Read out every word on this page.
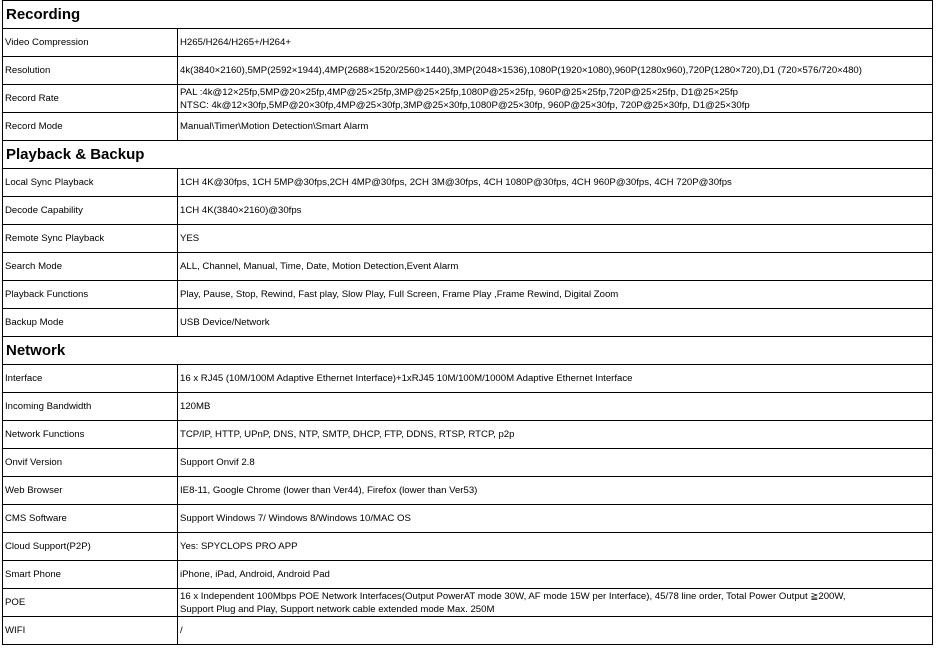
Recording	
Video Compression	H265/H264/H265+/H264+

Resolution	4k(3840×2160),5MP(2592×1944),4MP(2688×1520/2560×1440),3MP(2048×1536),1080P(1920×1080),960P(1280x960),720P(1280×720),D1 (720×576/720×480)

Record Rate	PAL :4k@12×25fp,5MP@20×25fp,4MP@25×25fp,3MP@25×25fp,1080P@25×25fp, 960P@25×25fp,720P@25×25fp, D1@25×25fp
NTSC: 4k@12×30fp,5MP@20×30fp,4MP@25×30fp,3MP@25×30fp,1080P@25×30fp, 960P@25×30fp, 720P@25×30fp, D1@25×30fp

Record Mode	Manual\Timer\Motion Detection\Smart Alarm

Playback & Backup	
Local Sync Playback	1CH 4K@30fps, 1CH 5MP@30fps,2CH 4MP@30fps, 2CH 3M@30fps, 4CH 1080P@30fps, 4CH 960P@30fps, 4CH 720P@30fps

Decode Capability	1CH 4K(3840×2160)@30fps

Remote Sync Playback	YES

Search Mode	ALL, Channel, Manual, Time, Date, Motion Detection,Event Alarm

Playback Functions	Play, Pause, Stop, Rewind, Fast play, Slow Play, Full Screen, Frame Play ,Frame Rewind, Digital Zoom

Backup Mode	USB Device/Network

Network	
Interface	16 x RJ45 (10M/100M Adaptive Ethernet Interface)+1xRJ45 10M/100M/1000M Adaptive Ethernet Interface

Incoming Bandwidth	120MB

Network Functions	TCP/IP, HTTP, UPnP, DNS, NTP, SMTP, DHCP, FTP, DDNS, RTSP, RTCP, p2p

Onvif Version	Support Onvif 2.8

Web Browser	IE8-11, Google Chrome (lower than Ver44), Firefox (lower than Ver53)

CMS Software	Support Windows 7/ Windows 8/Windows 10/MAC OS

Cloud Support(P2P)	Yes: SPYCLOPS PRO APP

Smart Phone	iPhone, iPad, Android, Android Pad

POE	16 x Independent 100Mbps POE Network Interfaces(Output PowerAT mode 30W, AF mode 15W per Interface), 45/78 line order, Total Power Output ≧200W,
Support Plug and Play, Support network cable extended mode Max. 250M

WIFI	/
